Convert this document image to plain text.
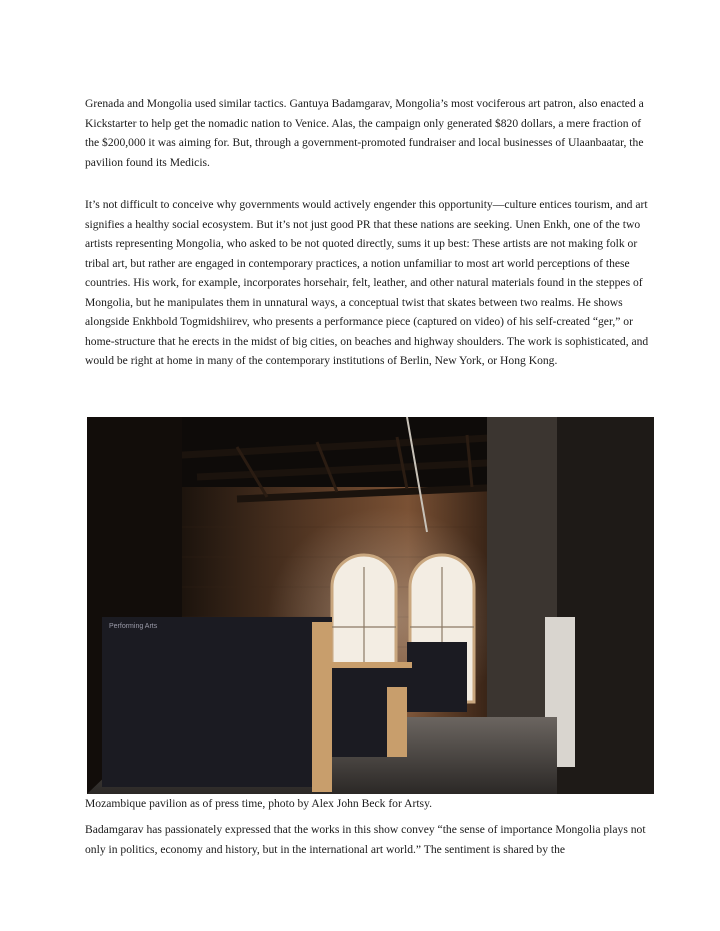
Grenada and Mongolia used similar tactics. Gantuya Badamgarav, Mongolia’s most vociferous art patron, also enacted a Kickstarter to help get the nomadic nation to Venice. Alas, the campaign only generated $820 dollars, a mere fraction of the $200,000 it was aiming for. But, through a government-promoted fundraiser and local businesses of Ulaanbaatar, the pavilion found its Medicis.

It’s not difficult to conceive why governments would actively engender this opportunity—culture entices tourism, and art signifies a healthy social ecosystem. But it’s not just good PR that these nations are seeking. Unen Enkh, one of the two artists representing Mongolia, who asked to be not quoted directly, sums it up best: These artists are not making folk or tribal art, but rather are engaged in contemporary practices, a notion unfamiliar to most art world perceptions of these countries. His work, for example, incorporates horsehair, felt, leather, and other natural materials found in the steppes of Mongolia, but he manipulates them in unnatural ways, a conceptual twist that skates between two realms. He shows alongside Enkhbold Togmidshiirev, who presents a performance piece (captured on video) of his self-created “ger,” or home-structure that he erects in the midst of big cities, on beaches and highway shoulders. The work is sophisticated, and would be right at home in many of the contemporary institutions of Berlin, New York, or Hong Kong.

Performing Arts

Mozambique pavilion as of press time, photo by Alex John Beck for Artsy.

Badamgarav has passionately expressed that the works in this show convey “the sense of importance Mongolia plays not only in politics, economy and history, but in the international art world.” The sentiment is shared by the
